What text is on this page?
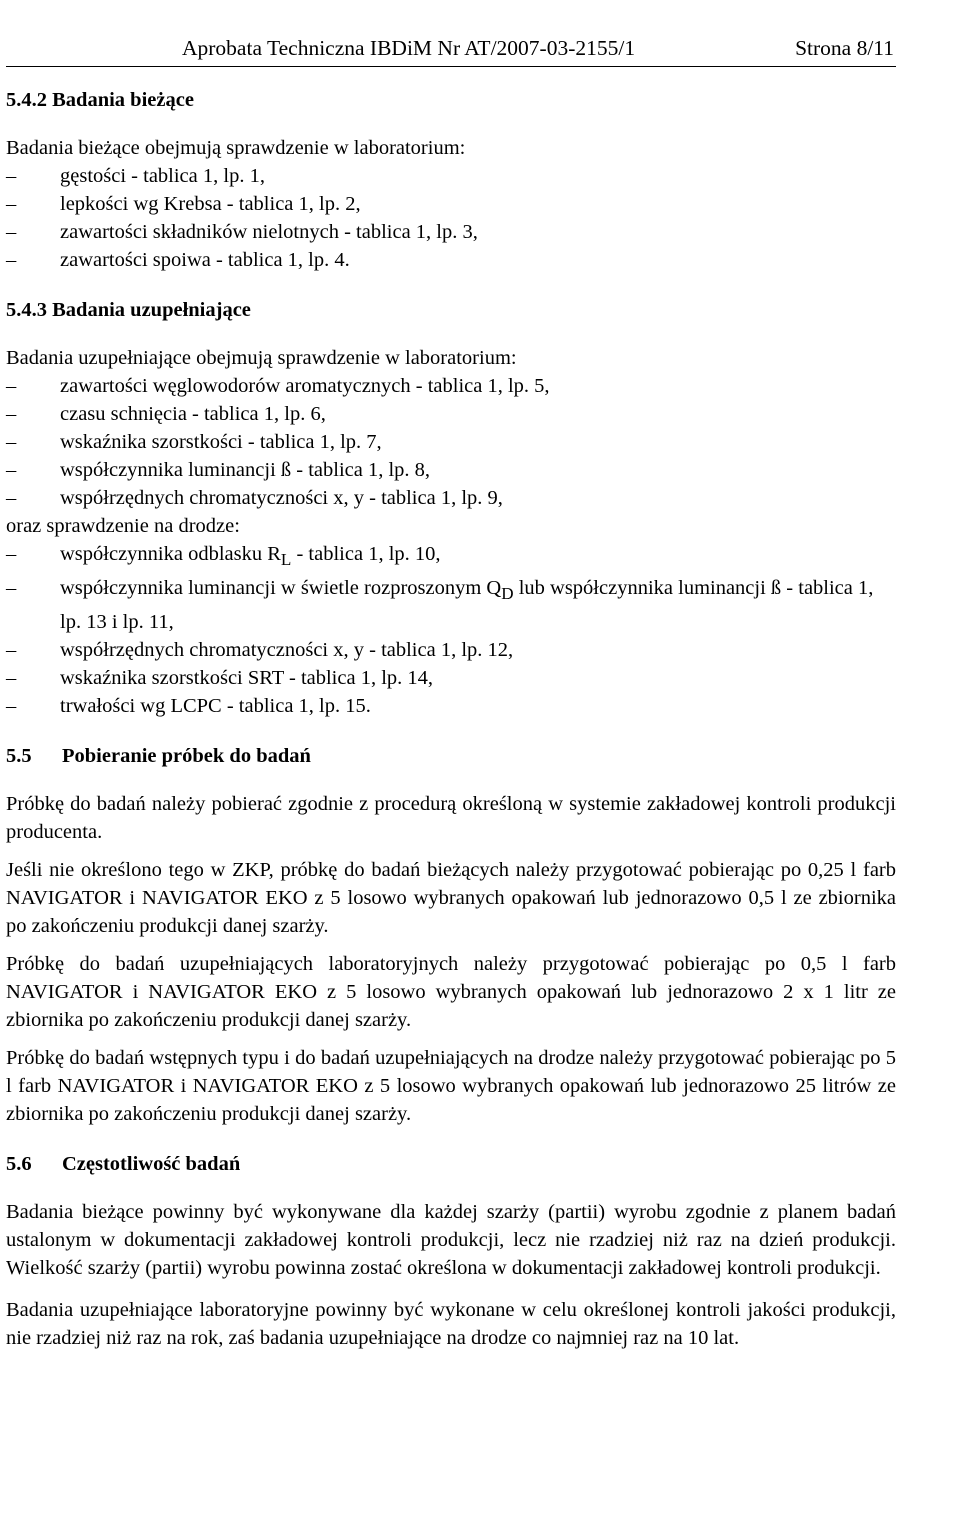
Aprobata Techniczna IBDiM Nr AT/2007-03-2155/1	Strona 8/11
5.4.2 Badania bieżące

Badania bieżące obejmują sprawdzenie w laboratorium:

– gęstości - tablica 1, lp. 1,
– lepkości wg Krebsa - tablica 1, lp. 2,
– zawartości składników nielotnych - tablica 1, lp. 3,
– zawartości spoiwa - tablica 1, lp. 4.
5.4.3 Badania uzupełniające

Badania uzupełniające obejmują sprawdzenie w laboratorium:

– zawartości węglowodorów aromatycznych - tablica 1, lp. 5,
– czasu schnięcia - tablica 1, lp. 6,
– wskaźnika szorstkości - tablica 1, lp. 7,
– współczynnika luminancji ß - tablica 1, lp. 8,
– współrzędnych chromatyczności x, y - tablica 1, lp. 9,

oraz sprawdzenie na drodze:

– współczynnika odblasku $R_L$ - tablica 1, lp. 10,
– współczynnika luminancji w świetle rozproszonym $Q_D$ lub współczynnika luminancji ß - tablica 1, lp. 13 i lp. 11,
– współrzędnych chromatyczności x, y - tablica 1, lp. 12,
– wskaźnika szorstkości SRT - tablica 1, lp. 14,
– trwałości wg LCPC - tablica 1, lp. 15.
5.5 Pobieranie próbek do badań

Próbkę do badań należy pobierać zgodnie z procedurą określoną w systemie zakładowej kontroli produkcji producenta.

Jeśli nie określono tego w ZKP, próbkę do badań bieżących należy przygotować pobierając po 0,25 l farb NAVIGATOR i NAVIGATOR EKO z 5 losowo wybranych opakowań lub jednorazowo 0,5 l ze zbiornika po zakończeniu produkcji danej szarży.

Próbkę do badań uzupełniających laboratoryjnych należy przygotować pobierając po 0,5 l farb NAVIGATOR i NAVIGATOR EKO z 5 losowo wybranych opakowań lub jednorazowo 2 x 1 litr ze zbiornika po zakończeniu produkcji danej szarży.

Próbkę do badań wstępnych typu i do badań uzupełniających na drodze należy przygotować pobierając po 5 l farb NAVIGATOR i NAVIGATOR EKO z 5 losowo wybranych opakowań lub jednorazowo 25 litrów ze zbiornika po zakończeniu produkcji danej szarży.

5.6 Częstotliwość badań

Badania bieżące powinny być wykonywane dla każdej szarży (partii) wyrobu zgodnie z planem badań ustalonym w dokumentacji zakładowej kontroli produkcji, lecz nie rzadziej niż raz na dzień produkcji. Wielkość szarży (partii) wyrobu powinna zostać określona w dokumentacji zakładowej kontroli produkcji.

Badania uzupełniające laboratoryjne powinny być wykonane w celu określonej kontroli jakości produkcji, nie rzadziej niż raz na rok, zaś badania uzupełniające na drodze co najmniej raz na 10 lat.
